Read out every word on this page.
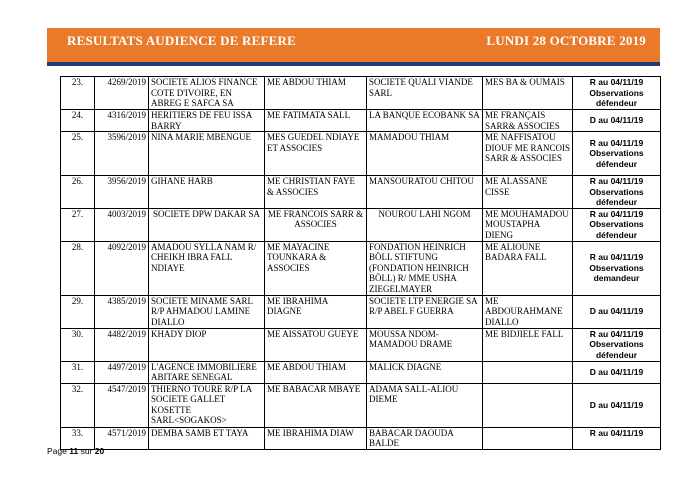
RESULTATS AUDIENCE DE REFERE	LUNDI 28 OCTOBRE 2019
23.	4269/2019	SOCIETE ALIOS FINANCE COTE D'IVOIRE, EN ABREG E SAFCA SA	ME ABDOU THIAM	SOCIETE QUALI VIANDE SARL	MES BA & OUMAIS	R au 04/11/19 Observations défendeur
24.	4316/2019	HERITIERS DE FEU ISSA BARRY	ME FATIMATA SALL	LA BANQUE ECOBANK SA	ME FRANÇAIS SARR& ASSOCIES	D au 04/11/19
25.	3596/2019	NINA MARIE MBENGUE	MES GUEDEL NDIAYE ET ASSOCIES	MAMADOU THIAM	ME NAFFISATOU DIOUF ME RANCOIS SARR & ASSOCIES	R au 04/11/19 Observations défendeur
26.	3956/2019	GIHANE HARB	ME CHRISTIAN FAYE & ASSOCIES	MANSOURATOU CHITOU	ME ALASSANE CISSE	R au 04/11/19 Observations défendeur
27.	4003/2019	SOCIETE DPW DAKAR SA	ME FRANCOIS SARR & ASSOCIES	NOUROU LAHI NGOM	ME MOUHAMADOU MOUSTAPHA DIENG	R au 04/11/19 Observations défendeur
28.	4092/2019	AMADOU SYLLA NAM R/ CHEIKH IBRA FALL NDIAYE	ME MAYACINE TOUNKARA & ASSOCIES	FONDATION HEINRICH BÖLL STIFTUNG (FONDATION HEINRICH BÖLL) R/ MME USHA ZIEGELMAYER	ME ALIOUNE BADARA FALL	R au 04/11/19 Observations demandeur
29.	4385/2019	SOCIETE MINAME SARL R/P AHMADOU LAMINE DIALLO	ME IBRAHIMA DIAGNE	SOCIETE LTP ENERGIE SA R/P ABEL F GUERRA	ME ABDOURAHMANE DIALLO	D au 04/11/19
30.	4482/2019	KHADY DIOP	ME AISSATOU GUEYE	MOUSSA NDOM-MAMADOU DRAME	ME BIDJIELE FALL	R au 04/11/19 Observations défendeur
31.	4497/2019	L'AGENCE IMMOBILIERE ABITARE SENEGAL	ME ABDOU THIAM	MALICK DIAGNE		D au 04/11/19
32.	4547/2019	THIERNO TOURE R/P LA SOCIETE GALLET KOSETTE SARL<SOGAKOS>	ME BABACAR MBAYE	ADAMA SALL-ALIOU DIEME		D au 04/11/19
33.	4571/2019	DEMBA SAMB ET TAYA	ME IBRAHIMA DIAW	BABACAR DAOUDA BALDE		R au 04/11/19
Page 11 sur 20
